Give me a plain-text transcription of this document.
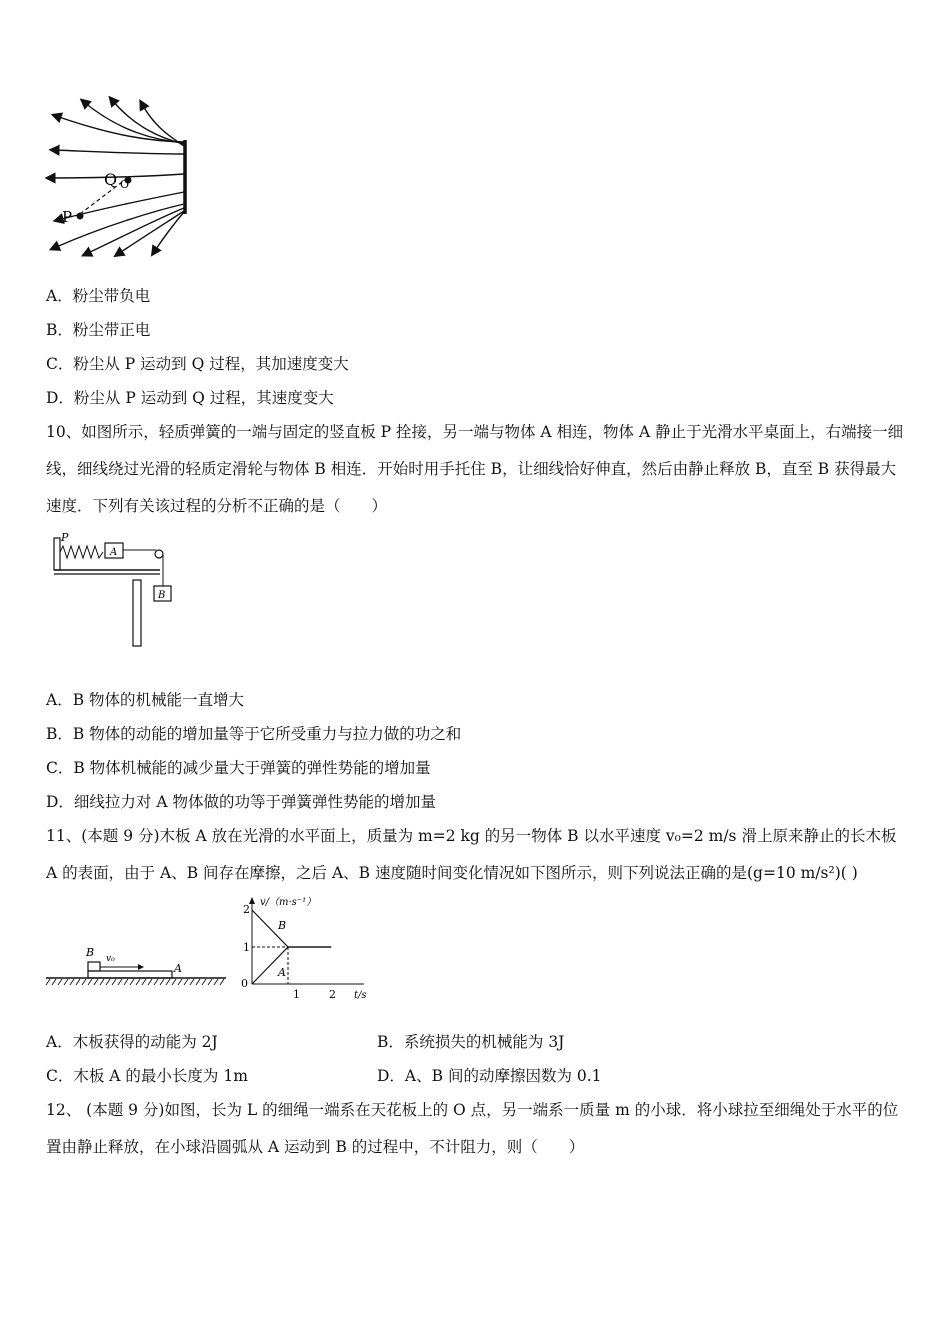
Q O
P
A．粉尘带负电
B．粉尘带正电
C．粉尘从 P 运动到 Q 过程，其加速度变大
D．粉尘从 P 运动到 Q 过程，其速度变大
10、如图所示，轻质弹簧的一端与固定的竖直板 P 拴接，另一端与物体 A 相连，物体 A 静止于光滑水平桌面上，右端接一细线，细线绕过光滑的轻质定滑轮与物体 B 相连．开始时用手托住 B，让细线恰好伸直，然后由静止释放 B，直至 B 获得最大速度．下列有关该过程的分析不正确的是（　　）
P
A
B
A．B 物体的机械能一直增大
B．B 物体的动能的增加量等于它所受重力与拉力做的功之和
C．B 物体机械能的减少量大于弹簧的弹性势能的增加量
D．细线拉力对 A 物体做的功等于弹簧弹性势能的增加量
11、(本题 9 分)木板 A 放在光滑的水平面上，质量为 m=2 kg 的另一物体 B 以水平速度 v₀=2 m/s 滑上原来静止的长木板 A 的表面，由于 A、B 间存在摩擦，之后 A、B 速度随时间变化情况如下图所示，则下列说法正确的是(g=10 m/s²)( )
B v₀
A
v/（m·s⁻¹）
t/s
0
2
1
1	2
B
A
A．木板获得的动能为 2J	B．系统损失的机械能为 3J
C．木板 A 的最小长度为 1m	D．A、B 间的动摩擦因数为 0.1
12、 (本题 9 分)如图，长为 L 的细绳一端系在天花板上的 O 点，另一端系一质量 m 的小球．将小球拉至细绳处于水平的位置由静止释放，在小球沿圆弧从 A 运动到 B 的过程中，不计阻力，则（　　）
